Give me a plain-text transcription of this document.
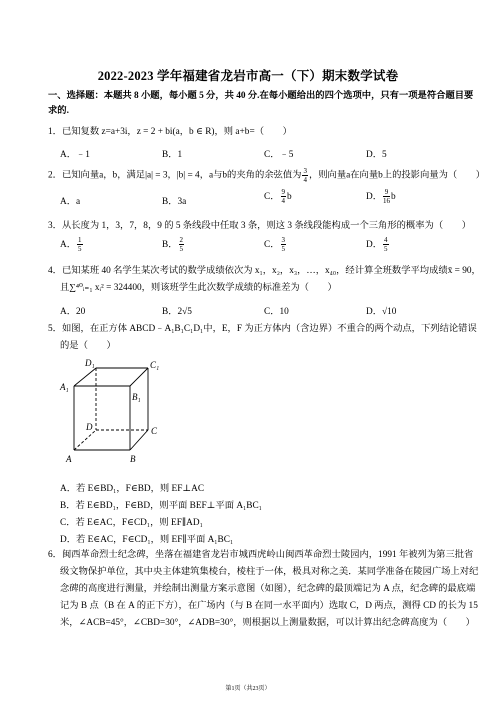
2022-2023 学年福建省龙岩市高一（下）期末数学试卷
一、选择题：本题共 8 小题，每小题 5 分，共 40 分.在每小题给出的四个选项中，只有一项是符合题目要
求的.
1．已知复数 z=a+3i，z = 2 + bi(a，b ∈ R)，则 a+b=（　　）
A．﹣1	B．1	C．﹣5	D．5
2．已知向量a，b，满足|a| = 3，|b| = 4，a与b的夹角的余弦值为 $\frac{3}{4}$ ，则向量a在向量b上的投影向量为（　　）
A．a	B．3a	C． $\frac{9}{4}$ b	D． $\frac{9}{16}$ b
3．从长度为 1，3，7，8，9 的 5 条线段中任取 3 条，则这 3 条线段能构成一个三角形的概率为（　　）
A． $\frac{1}{5}$	B． $\frac{2}{5}$	C． $\frac{3}{5}$	D． $\frac{4}{5}$
4．已知某班 40 名学生某次考试的数学成绩依次为 x₁，x₂，x₃，…，x₄₀，经计算全班数学平均成绩x̄ = 90，
且∑⁴⁰ᵢ₌₁ xᵢ² = 324400，则该班学生此次数学成绩的标准差为（　　）
A．20	B．2√5	C．10	D．√10
5．如图，在正方体 ABCD﹣A₁B₁C₁D₁中，E，F 为正方体内（含边界）不重合的两个动点，下列结论错误
的是（　　）
D₁	C₁
A₁
B₁
D	C
A	B
A．若 E∈BD₁，F∈BD，则 EF⊥AC
B．若 E∈BD₁，F∈BD，则平面 BEF⊥平面 A₁BC₁
C．若 E∈AC，F∈CD₁，则 EF∥AD₁
D．若 E∈AC，F∈CD₁，则 EF∥平面 A₁BC₁
6．闽西革命烈士纪念碑，坐落在福建省龙岩市城西虎岭山闽西革命烈士陵园内，1991 年被列为第三批省
级文物保护单位，其中央主体建筑集棱台，棱柱于一体，极具对称之美．某同学准备在陵园广场上对纪
念碑的高度进行测量，并绘制出测量方案示意图（如图），纪念碑的最顶端记为 A 点，纪念碑的最底端
记为 B 点（B 在 A 的正下方），在广场内（与 B 在同一水平面内）选取 C，D 两点，测得 CD 的长为 15
米，∠ACB=45°，∠CBD=30°，∠ADB=30°，则根据以上测量数据，可以计算出纪念碑高度为（　　）
第1页（共23页）
